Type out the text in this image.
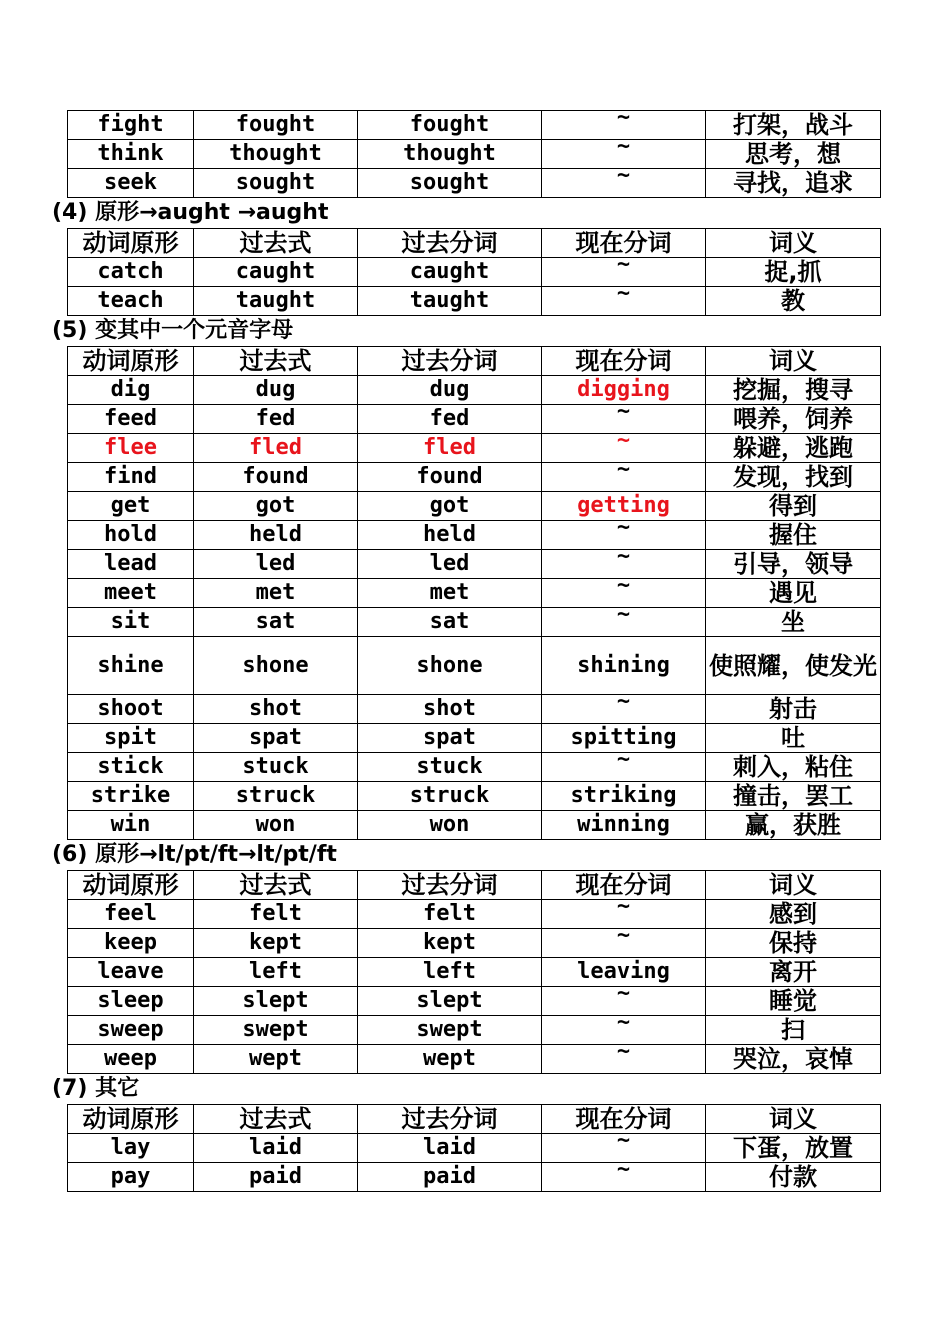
fight	fought	fought	~	打架，战斗
think	thought	thought	~	思考，想
seek	sought	sought	~	寻找，追求
(4) 原形→aught →aught
动词原形	过去式	过去分词	现在分词	词义
catch	caught	caught	~	捉,抓
teach	taught	taught	~	教
(5) 变其中一个元音字母
动词原形	过去式	过去分词	现在分词	词义
dig	dug	dug	digging	挖掘，搜寻
feed	fed	fed	~	喂养，饲养
flee	fled	fled	~	躲避，逃跑
find	found	found	~	发现，找到
get	got	got	getting	得到
hold	held	held	~	握住
lead	led	led	~	引导，领导
meet	met	met	~	遇见
sit	sat	sat	~	坐
shine	shone	shone	shining	使照耀，使发光
shoot	shot	shot	~	射击
spit	spat	spat	spitting	吐
stick	stuck	stuck	~	刺入，粘住
strike	struck	struck	striking	撞击，罢工
win	won	won	winning	赢，获胜
(6) 原形→lt/pt/ft→lt/pt/ft
动词原形	过去式	过去分词	现在分词	词义
feel	felt	felt	~	感到
keep	kept	kept	~	保持
leave	left	left	leaving	离开
sleep	slept	slept	~	睡觉
sweep	swept	swept	~	扫
weep	wept	wept	~	哭泣，哀悼
(7) 其它
动词原形	过去式	过去分词	现在分词	词义
lay	laid	laid	~	下蛋，放置
pay	paid	paid	~	付款
